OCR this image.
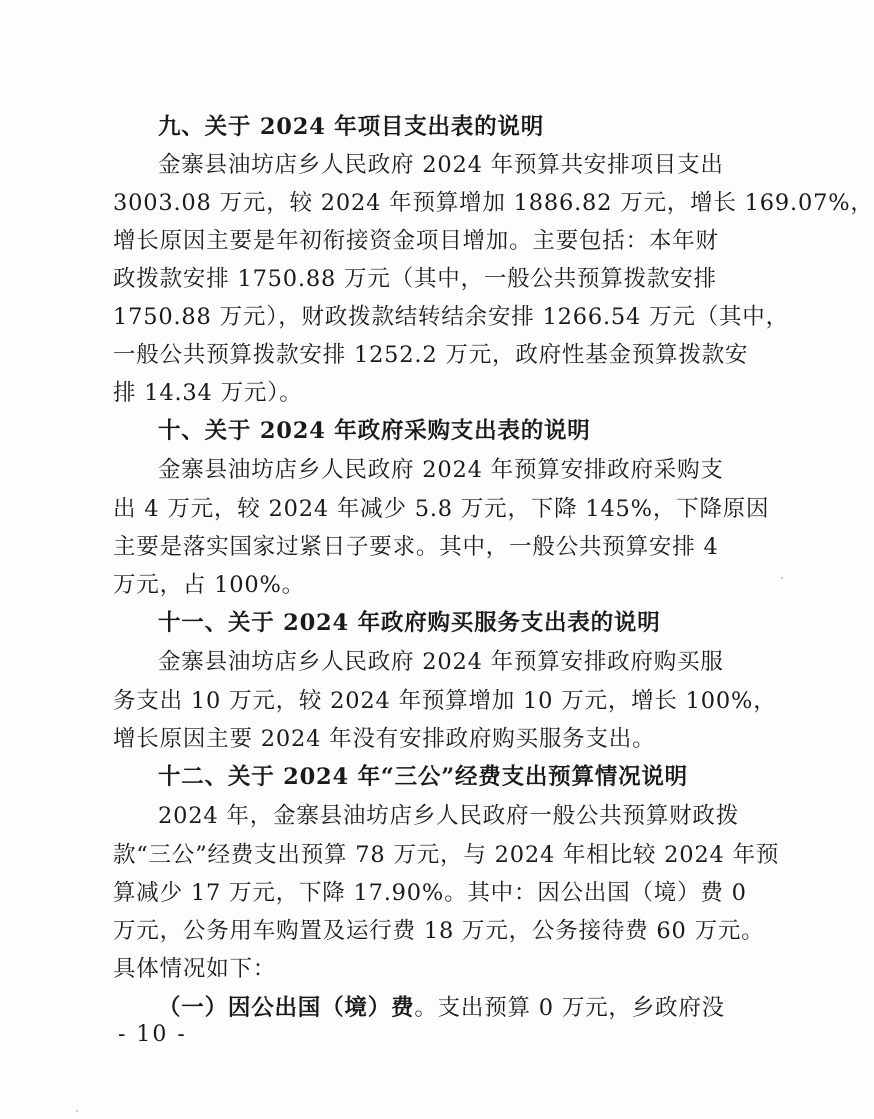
九、关于 2024 年项目支出表的说明
金寨县油坊店乡人民政府 2024 年预算共安排项目支出
3003.08 万元，较 2024 年预算增加 1886.82 万元，增长 169.07%，
增长原因主要是年初衔接资金项目增加。主要包括：本年财
政拨款安排 1750.88 万元（其中，一般公共预算拨款安排
1750.88 万元），财政拨款结转结余安排 1266.54 万元（其中，
一般公共预算拨款安排 1252.2 万元，政府性基金预算拨款安
排 14.34 万元）。
十、关于 2024 年政府采购支出表的说明
金寨县油坊店乡人民政府 2024 年预算安排政府采购支
出 4 万元，较 2024 年减少 5.8 万元，下降 145%，下降原因
主要是落实国家过紧日子要求。其中，一般公共预算安排 4
万元，占 100%。
十一、关于 2024 年政府购买服务支出表的说明
金寨县油坊店乡人民政府 2024 年预算安排政府购买服
务支出 10 万元，较 2024 年预算增加 10 万元，增长 100%，
增长原因主要 2024 年没有安排政府购买服务支出。
十二、关于 2024 年“三公”经费支出预算情况说明
2024 年，金寨县油坊店乡人民政府一般公共预算财政拨
款“三公”经费支出预算 78 万元，与 2024 年相比较 2024 年预
算减少 17 万元，下降 17.90%。其中：因公出国（境）费 0
万元，公务用车购置及运行费 18 万元，公务接待费 60 万元。
具体情况如下：
（一）因公出国（境）费。支出预算 0 万元，乡政府没
- 10 -
